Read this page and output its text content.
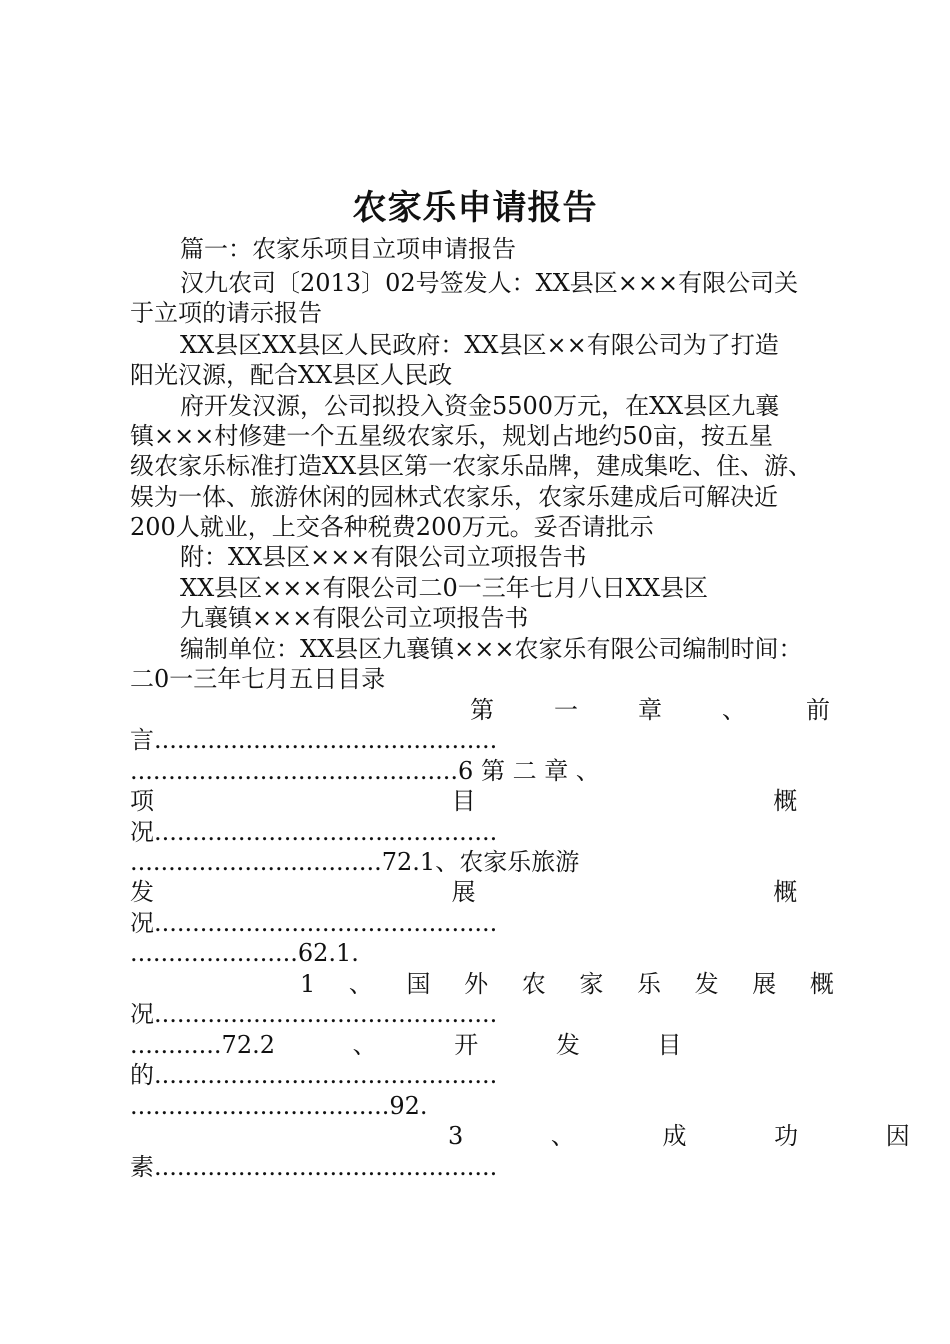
农家乐申请报告
篇一：农家乐项目立项申请报告
汉九农司〔2013〕02号签发人：XX县区×××有限公司关
于立项的请示报告
XX县区XX县区人民政府：XX县区××有限公司为了打造
阳光汉源，配合XX县区人民政
府开发汉源，公司拟投入资金5500万元，在XX县区九襄
镇×××村修建一个五星级农家乐，规划占地约50亩，按五星
级农家乐标准打造XX县区第一农家乐品牌，建成集吃、住、游、
娱为一体、旅游休闲的园林式农家乐，农家乐建成后可解决近
200人就业，上交各种税费200万元。妥否请批示
附：XX县区×××有限公司立项报告书
XX县区×××有限公司二0一三年七月八日XX县区
九襄镇×××有限公司立项报告书
编制单位：XX县区九襄镇×××农家乐有限公司编制时间：
二0一三年七月五日目录
第 一 章 、 前
言.............................................
...........................................6 第 二 章 、
项 目 概
况.............................................
.................................72.1、农家乐旅游
发 展 概
况.............................................
......................62.1.
1 、 国 外 农 家 乐 发 展 概
况.............................................
............72.2 、 开 发 目
的.............................................
..................................92.
3 、 成 功 因
素.............................................
